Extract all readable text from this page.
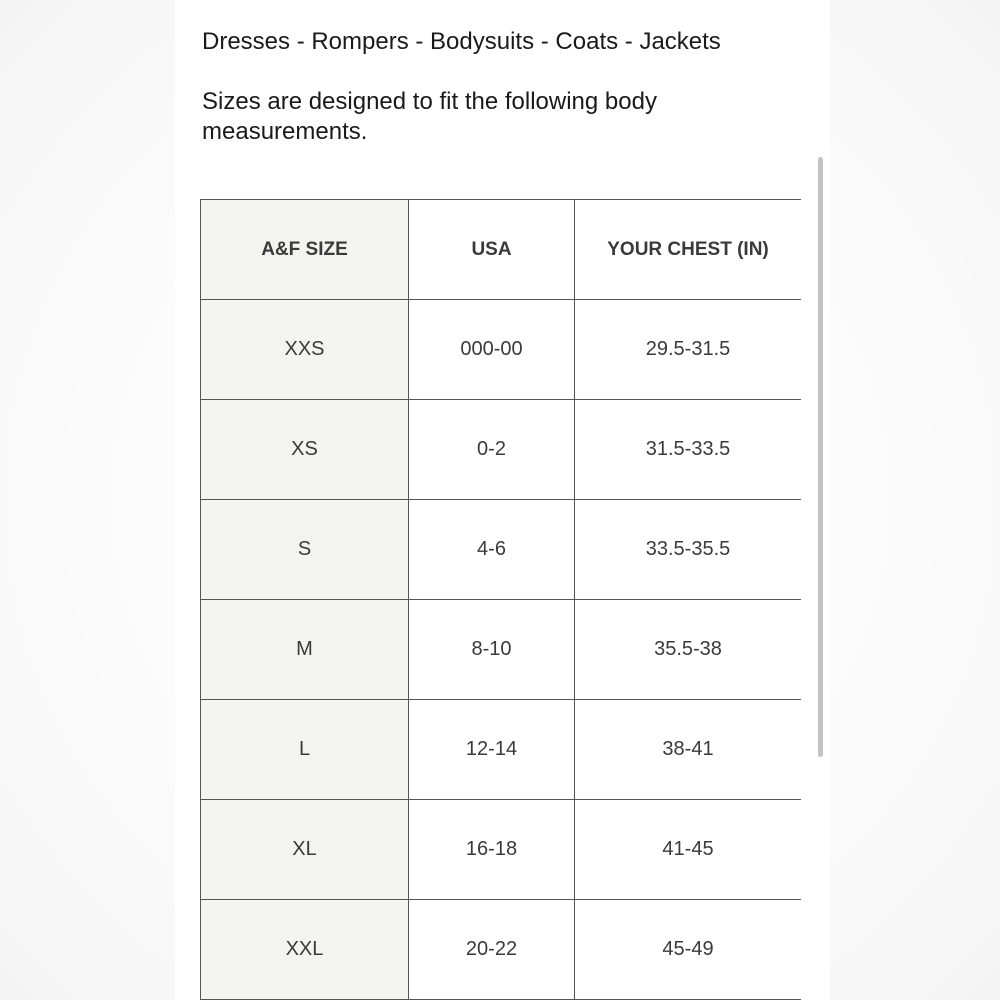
Dresses - Rompers - Bodysuits - Coats - Jackets
Sizes are designed to fit the following body measurements.
A&F SIZE	USA	YOUR CHEST (IN)
XXS	000-00	29.5-31.5
XS	0-2	31.5-33.5
S	4-6	33.5-35.5
M	8-10	35.5-38
L	12-14	38-41
XL	16-18	41-45
XXL	20-22	45-49
